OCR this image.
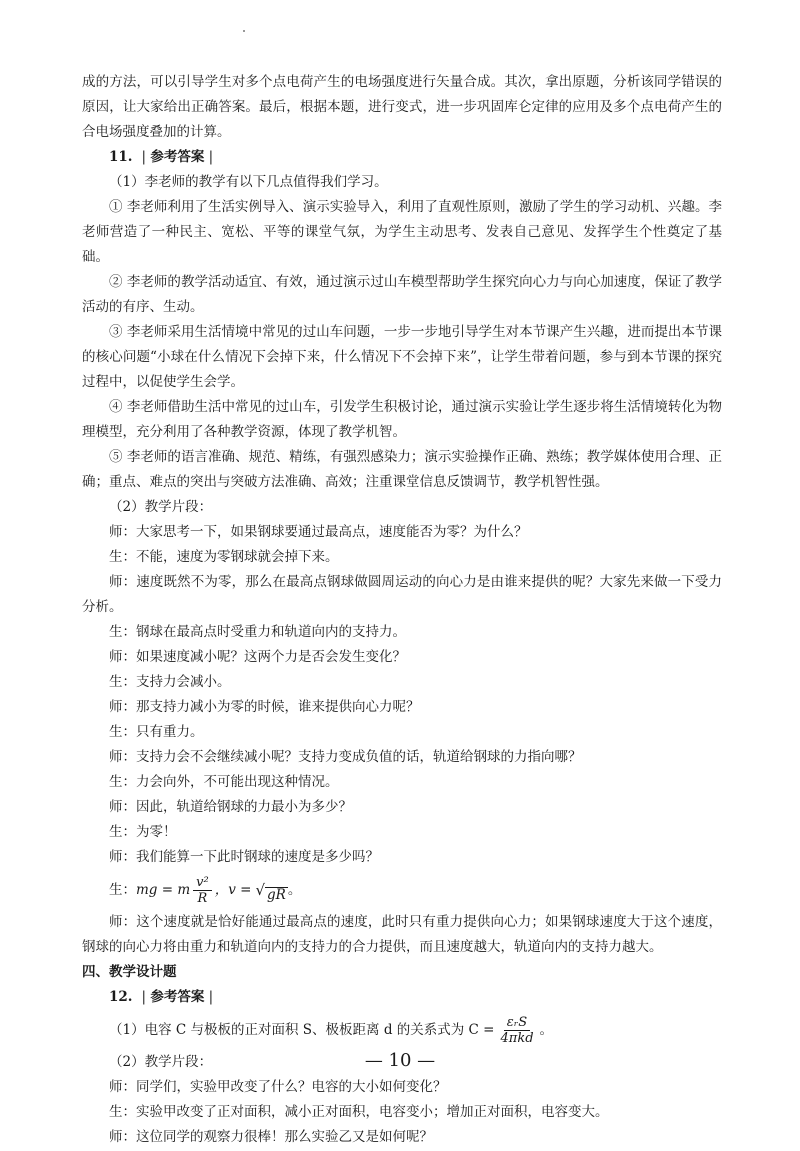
成的方法，可以引导学生对多个点电荷产生的电场强度进行矢量合成。其次，拿出原题，分析该同学错误的原因，让大家给出正确答案。最后，根据本题，进行变式，进一步巩固库仑定律的应用及多个点电荷产生的合电场强度叠加的计算。

11.  | 参考答案 |

（1）李老师的教学有以下几点值得我们学习。

① 李老师利用了生活实例导入、演示实验导入，利用了直观性原则，激励了学生的学习动机、兴趣。李老师营造了一种民主、宽松、平等的课堂气氛，为学生主动思考、发表自己意见、发挥学生个性奠定了基础。

② 李老师的教学活动适宜、有效，通过演示过山车模型帮助学生探究向心力与向心加速度，保证了教学活动的有序、生动。

③ 李老师采用生活情境中常见的过山车问题，一步一步地引导学生对本节课产生兴趣，进而提出本节课的核心问题“小球在什么情况下会掉下来，什么情况下不会掉下来”，让学生带着问题，参与到本节课的探究过程中，以促使学生会学。

④ 李老师借助生活中常见的过山车，引发学生积极讨论，通过演示实验让学生逐步将生活情境转化为物理模型，充分利用了各种教学资源，体现了教学机智。

⑤ 李老师的语言准确、规范、精练，有强烈感染力；演示实验操作正确、熟练；教学媒体使用合理、正确；重点、难点的突出与突破方法准确、高效；注重课堂信息反馈调节，教学机智性强。

（2）教学片段：

师：大家思考一下，如果钢球要通过最高点，速度能否为零？为什么？

生：不能，速度为零钢球就会掉下来。

师：速度既然不为零，那么在最高点钢球做圆周运动的向心力是由谁来提供的呢？大家先来做一下受力分析。

生：钢球在最高点时受重力和轨道向内的支持力。

师：如果速度减小呢？这两个力是否会发生变化？

生：支持力会减小。

师：那支持力减小为零的时候，谁来提供向心力呢？

生：只有重力。

师：支持力会不会继续减小呢？支持力变成负值的话，轨道给钢球的力指向哪？

生：力会向外，不可能出现这种情况。

师：因此，轨道给钢球的力最小为多少？

生：为零！

师：我们能算一下此时钢球的速度是多少吗？

生： mg = m $\frac{\text{v²}}{R}$ ，v = √ gR 。

师：这个速度就是恰好能通过最高点的速度，此时只有重力提供向心力；如果钢球速度大于这个速度，钢球的向心力将由重力和轨道向内的支持力的合力提供，而且速度越大，轨道向内的支持力越大。

四、教学设计题

12.  | 参考答案 |

（1）电容 C 与极板的正对面积 S、极板距离 d 的关系式为 $C = \frac{\text{εᵣS}}{\text{4πkd}}$ 。

（2）教学片段：

师：同学们，实验甲改变了什么？电容的大小如何变化？

生：实验甲改变了正对面积，减小正对面积，电容变小；增加正对面积，电容变大。

师：这位同学的观察力很棒！那么实验乙又是如何呢？

— 10 —
